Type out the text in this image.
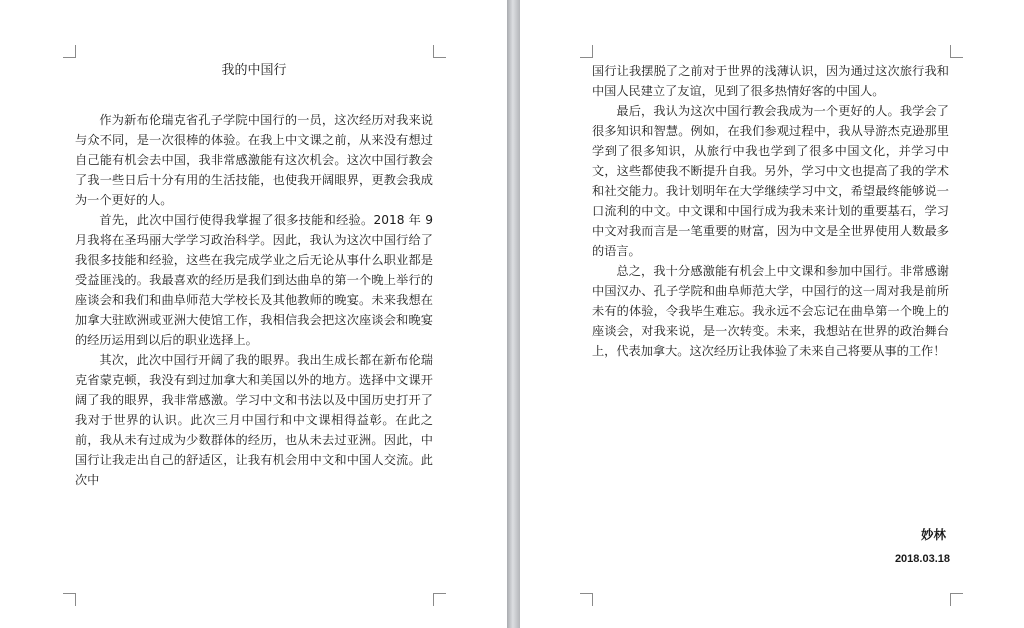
我的中国行

作为新布伦瑞克省孔子学院中国行的一员，这次经历对我来说与众不同，是一次很棒的体验。在我上中文课之前，从来没有想过自己能有机会去中国，我非常感激能有这次机会。这次中国行教会了我一些日后十分有用的生活技能，也使我开阔眼界，更教会我成为一个更好的人。

首先，此次中国行使得我掌握了很多技能和经验。2018 年 9 月我将在圣玛丽大学学习政治科学。因此，我认为这次中国行给了我很多技能和经验，这些在我完成学业之后无论从事什么职业都是受益匪浅的。我最喜欢的经历是我们到达曲阜的第一个晚上举行的座谈会和我们和曲阜师范大学校长及其他教师的晚宴。未来我想在加拿大驻欧洲或亚洲大使馆工作，我相信我会把这次座谈会和晚宴的经历运用到以后的职业选择上。

其次，此次中国行开阔了我的眼界。我出生成长都在新布伦瑞克省蒙克顿，我没有到过加拿大和美国以外的地方。选择中文课开阔了我的眼界，我非常感激。学习中文和书法以及中国历史打开了我对于世界的认识。此次三月中国行和中文课相得益彰。在此之前，我从未有过成为少数群体的经历，也从未去过亚洲。因此，中国行让我走出自己的舒适区，让我有机会用中文和中国人交流。此次中

国行让我摆脱了之前对于世界的浅薄认识，因为通过这次旅行我和中国人民建立了友谊，见到了很多热情好客的中国人。

最后，我认为这次中国行教会我成为一个更好的人。我学会了很多知识和智慧。例如，在我们参观过程中，我从导游杰克逊那里学到了很多知识，从旅行中我也学到了很多中国文化，并学习中文，这些都使我不断提升自我。另外，学习中文也提高了我的学术和社交能力。我计划明年在大学继续学习中文，希望最终能够说一口流利的中文。中文课和中国行成为我未来计划的重要基石，学习中文对我而言是一笔重要的财富，因为中文是全世界使用人数最多的语言。

总之，我十分感激能有机会上中文课和参加中国行。非常感谢中国汉办、孔子学院和曲阜师范大学，中国行的这一周对我是前所未有的体验，令我毕生难忘。我永远不会忘记在曲阜第一个晚上的座谈会，对我来说，是一次转变。未来，我想站在世界的政治舞台上，代表加拿大。这次经历让我体验了未来自己将要从事的工作！

妙林
2018.03.18
